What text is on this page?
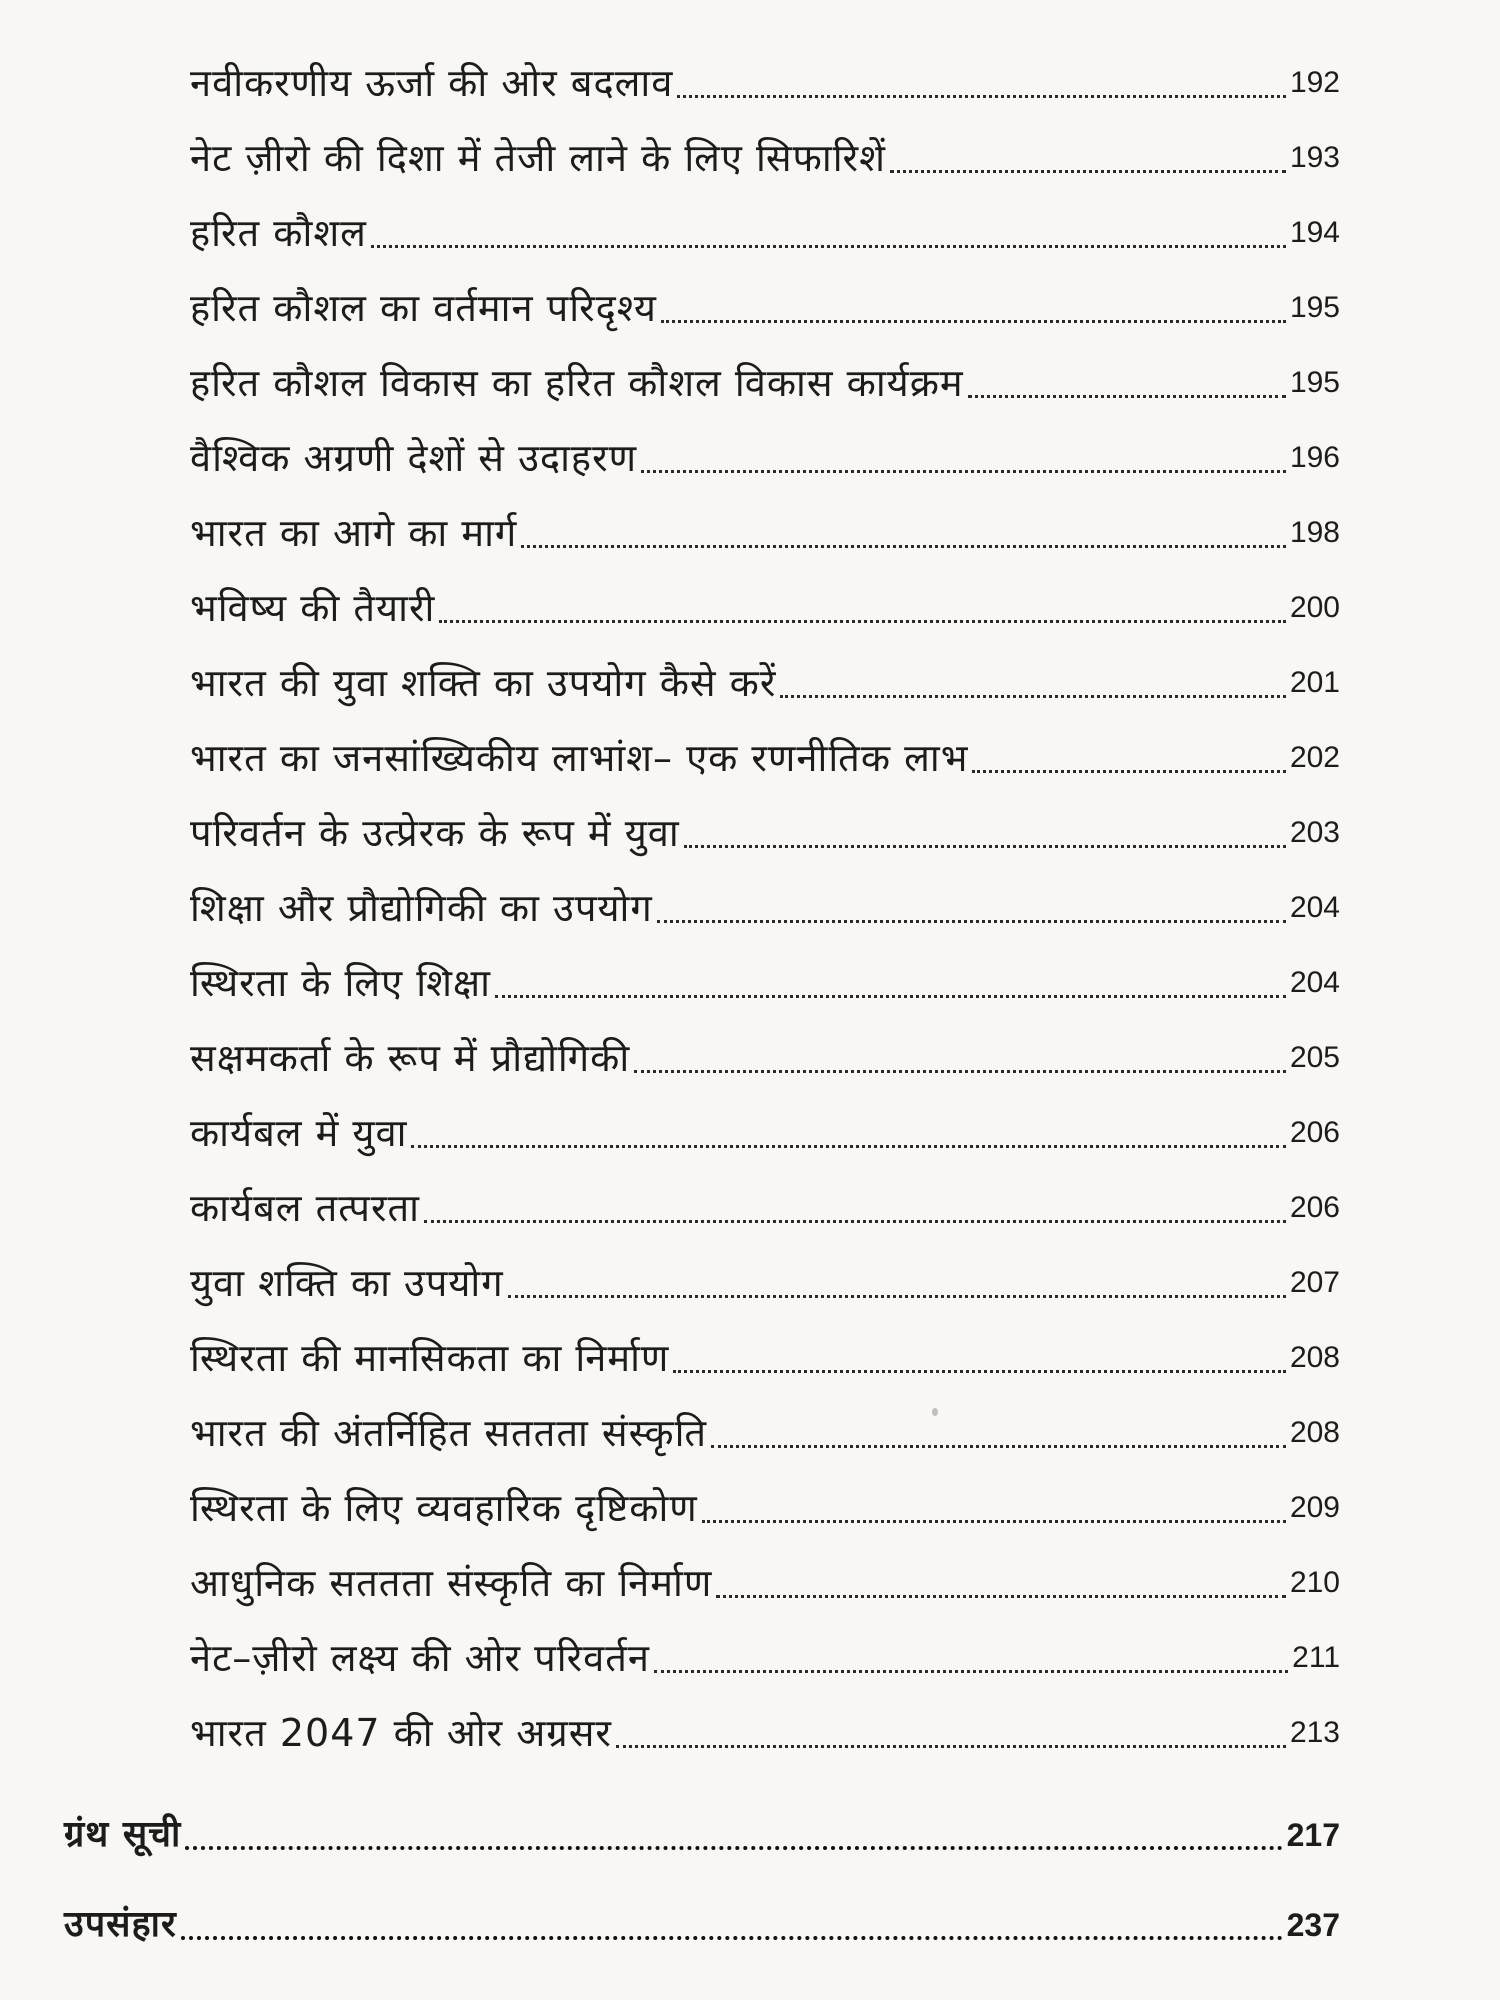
नवीकरणीय ऊर्जा की ओर बदलाव	192
नेट ज़ीरो की दिशा में तेजी लाने के लिए सिफारिशें	193
हरित कौशल	194
हरित कौशल का वर्तमान परिदृश्य	195
हरित कौशल विकास का हरित कौशल विकास कार्यक्रम	195
वैश्विक अग्रणी देशों से उदाहरण	196
भारत का आगे का मार्ग	198
भविष्य की तैयारी	200
भारत की युवा शक्ति का उपयोग कैसे करें	201
भारत का जनसांख्यिकीय लाभांश– एक रणनीतिक लाभ	202
परिवर्तन के उत्प्रेरक के रूप में युवा	203
शिक्षा और प्रौद्योगिकी का उपयोग	204
स्थिरता के लिए शिक्षा	204
सक्षमकर्ता के रूप में प्रौद्योगिकी	205
कार्यबल में युवा	206
कार्यबल तत्परता	206
युवा शक्ति का उपयोग	207
स्थिरता की मानसिकता का निर्माण	208
भारत की अंतर्निहित सततता संस्कृति	208
स्थिरता के लिए व्यवहारिक दृष्टिकोण	209
आधुनिक सततता संस्कृति का निर्माण	210
नेट–ज़ीरो लक्ष्य की ओर परिवर्तन	211
भारत 2047 की ओर अग्रसर	213
ग्रंथ सूची	217
उपसंहार	237
